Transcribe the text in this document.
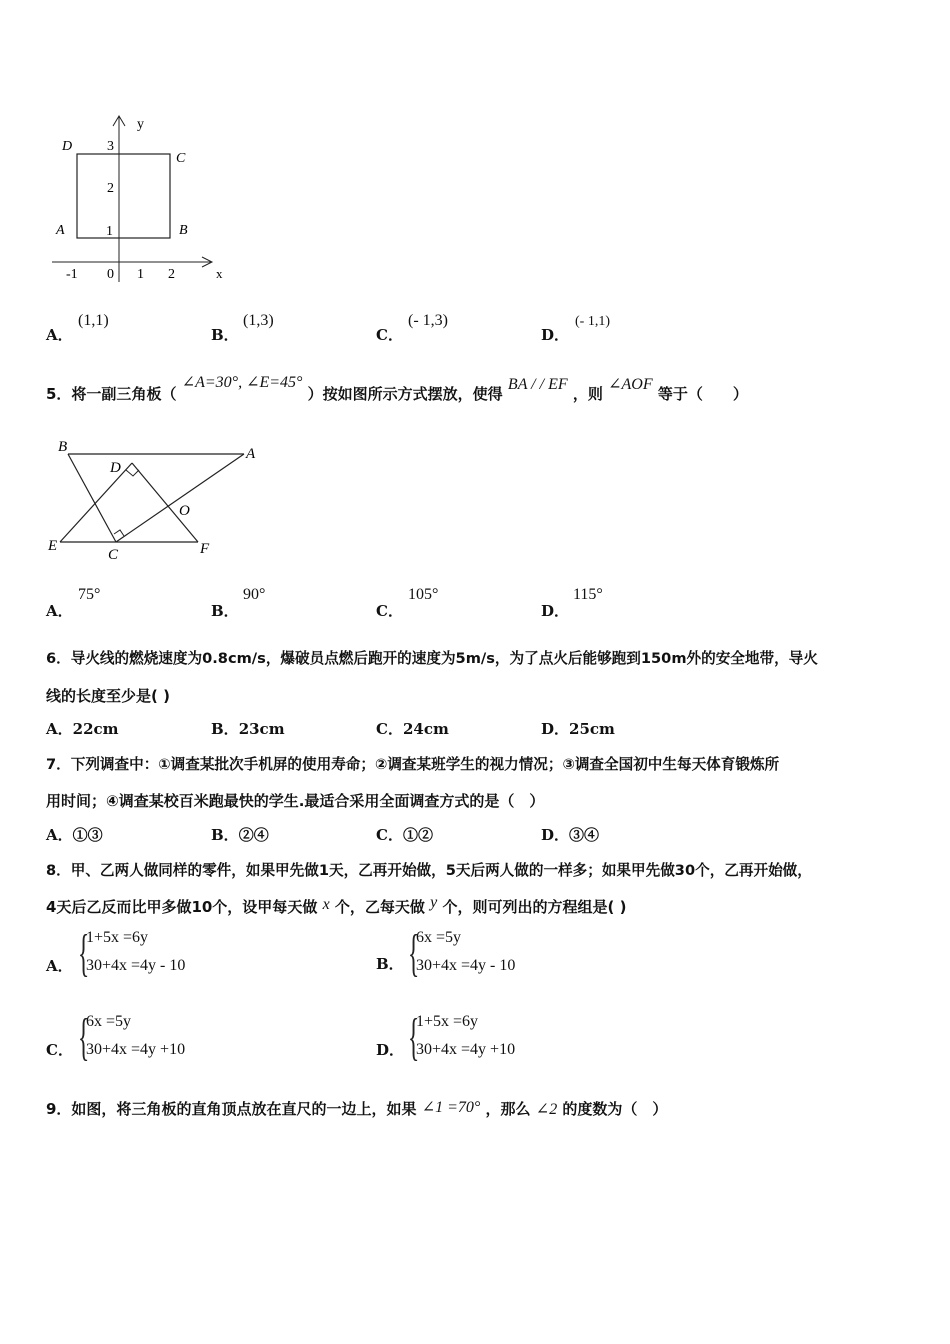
y
x
3
2
1
-1 0 1 2
A	B
C
D
A．
(1,1)
B．
(1,3)
C．
(- 1,3)
D．
(- 1,1)
5．将一副三角板（ ∠A=30°, ∠E=45° ）按如图所示方式摆放，使得 BA / / EF ，则 ∠AOF 等于（　　）
B	A
D
O
E
C	F
A．
75°
B．
90°
C．
105°
D．
115°
6．导火线的燃烧速度为0.8cm/s，爆破员点燃后跑开的速度为5m/s，为了点火后能够跑到150m外的安全地带，导火
线的长度至少是( )
A．22cm	B．23cm	C．24cm	D．25cm
7．下列调查中：①调查某批次手机屏的使用寿命；②调查某班学生的视力情况；③调查全国初中生每天体育锻炼所
用时间；④调查某校百米跑最快的学生.最适合采用全面调查方式的是（　）
A．①③	B．②④	C．①②	D．③④
8．甲、乙两人做同样的零件，如果甲先做1天，乙再开始做，5天后两人做的一样多；如果甲先做30个，乙再开始做，
4天后乙反而比甲多做10个，设甲每天做 x 个，乙每天做 y 个，则可列出的方程组是( )
A． {
1+5x =6y
30+4x =4y - 10	B． {
6x =5y
30+4x =4y - 10
C． {
6x =5y
30+4x =4y +10	D． {
1+5x =6y
30+4x =4y +10
9．如图，将三角板的直角顶点放在直尺的一边上，如果 ∠1 =70° ，那么 ∠2 的度数为（　）
